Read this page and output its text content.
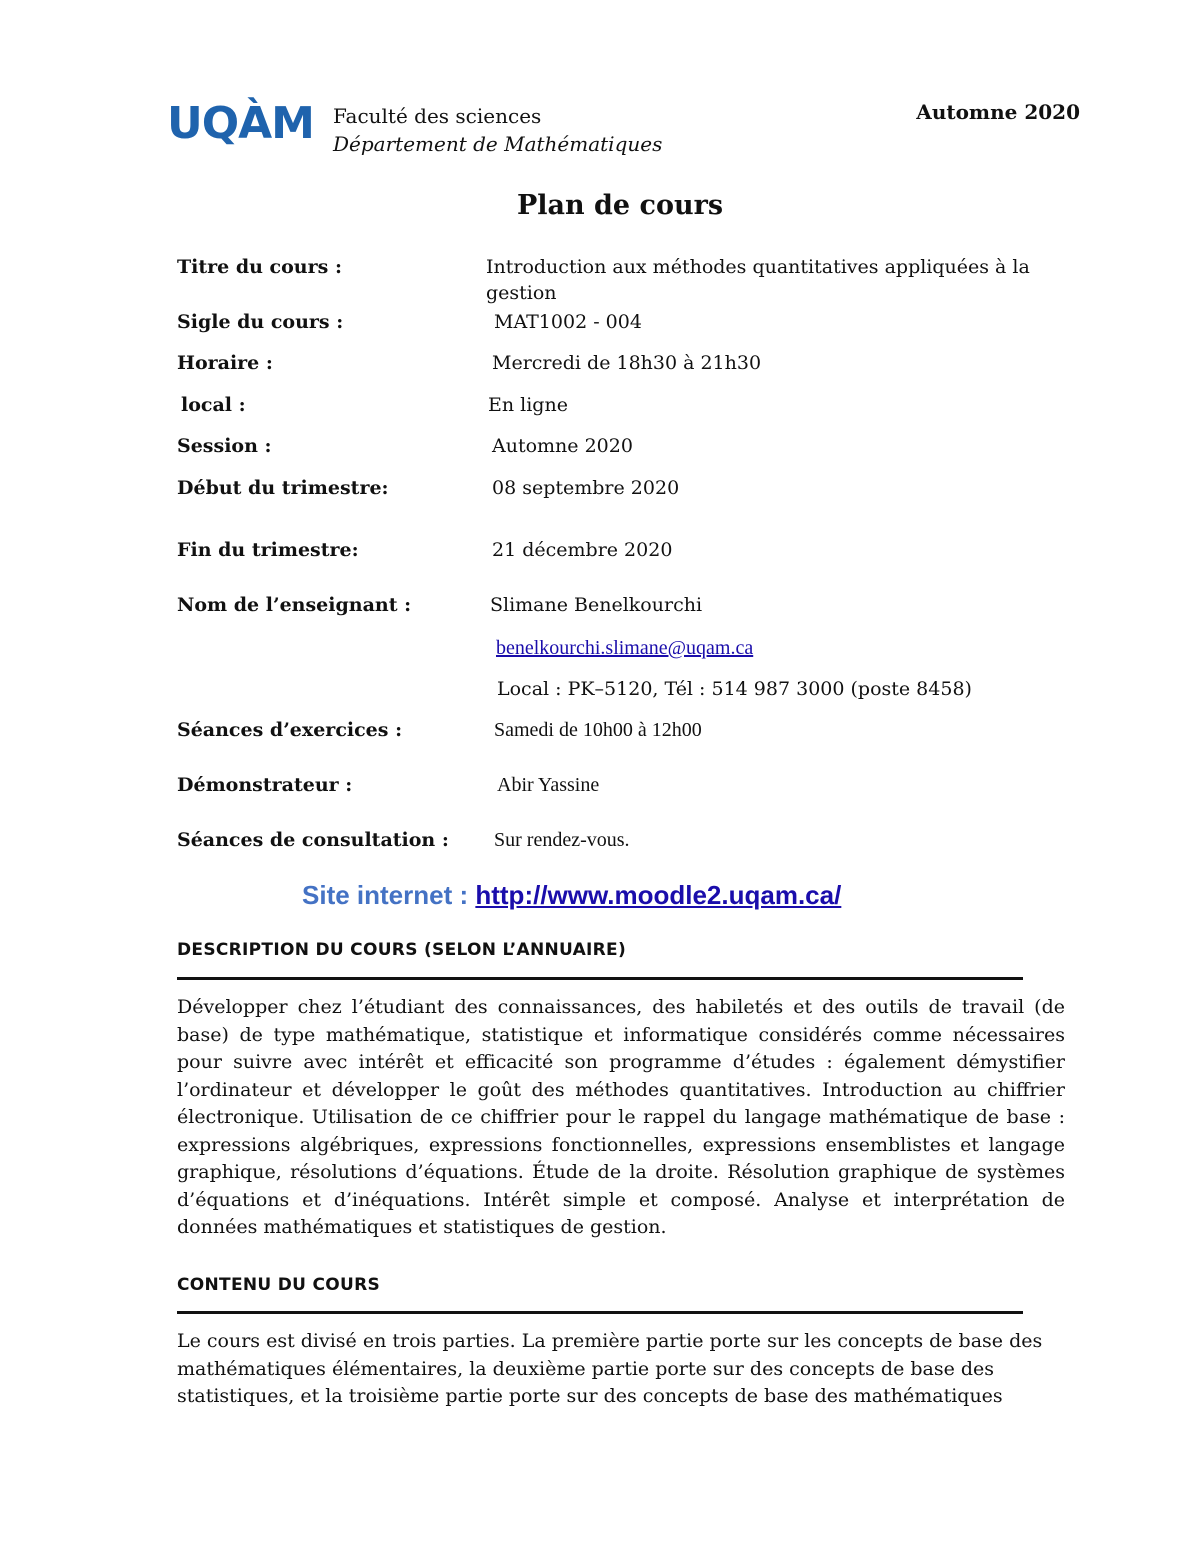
UQÀM Faculté des sciences
Département de Mathématiques
Automne 2020
Plan de cours
Titre du cours :	Introduction aux méthodes quantitatives appliquées à la gestion
Sigle du cours :	MAT1002 - 004
Horaire :	Mercredi de 18h30 à 21h30
local :	En ligne
Session :	Automne 2020
Début du trimestre:	08 septembre 2020
Fin du trimestre:	21 décembre 2020
Nom de l’enseignant :	Slimane Benelkourchi
benelkourchi.slimane@uqam.ca
Local : PK–5120, Tél : 514 987 3000 (poste 8458)
Séances d’exercices :	Samedi de 10h00 à 12h00
Démonstrateur :	Abir Yassine
Séances de consultation : Sur rendez-vous.
Site internet : http://www.moodle2.uqam.ca/
DESCRIPTION DU COURS (SELON L’ANNUAIRE)
Développer chez l’étudiant des connaissances, des habiletés et des outils de travail (de base) de type mathématique, statistique et informatique considérés comme nécessaires pour suivre avec intérêt et efficacité son programme d’études : également démystifier l’ordinateur et développer le goût des méthodes quantitatives. Introduction au chiffrier électronique. Utilisation de ce chiffrier pour le rappel du langage mathématique de base : expressions algébriques, expressions fonctionnelles, expressions ensemblistes et langage graphique, résolutions d’équations. Étude de la droite. Résolution graphique de systèmes d’équations et d’inéquations. Intérêt simple et composé. Analyse et interprétation de données mathématiques et statistiques de gestion.
CONTENU DU COURS
Le cours est divisé en trois parties. La première partie porte sur les concepts de base des mathématiques élémentaires, la deuxième partie porte sur des concepts de base des statistiques, et la troisième partie porte sur des concepts de base des mathématiques
